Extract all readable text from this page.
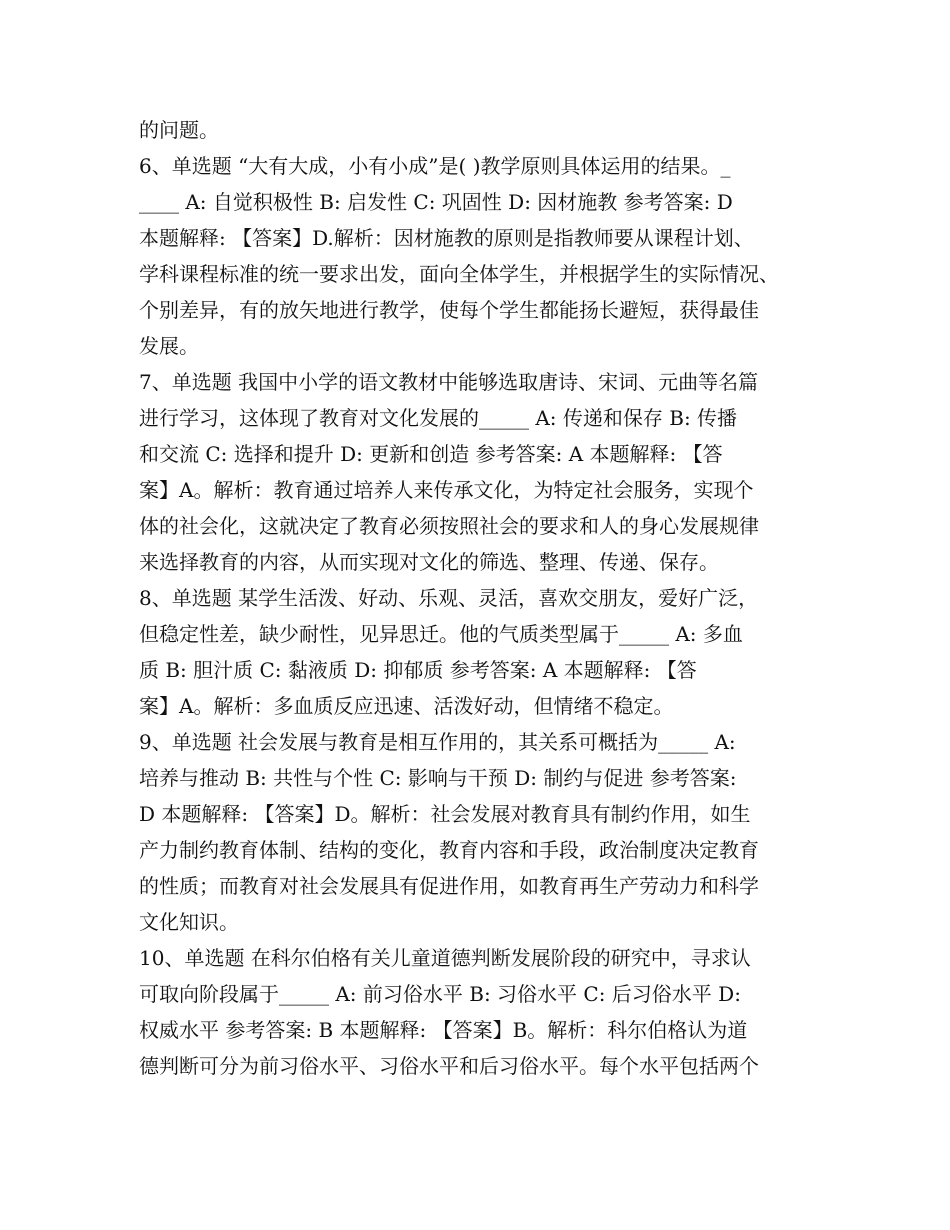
的问题。
6、单选题 “大有大成，小有小成”是( )教学原则具体运用的结果。_
____ A: 自觉积极性 B: 启发性 C: 巩固性 D: 因材施教 参考答案: D
本题解释: 【答案】D.解析：因材施教的原则是指教师要从课程计划、
学科课程标准的统一要求出发，面向全体学生，并根据学生的实际情况、
个别差异，有的放矢地进行教学，使每个学生都能扬长避短，获得最佳
发展。
7、单选题 我国中小学的语文教材中能够选取唐诗、宋词、元曲等名篇
进行学习，这体现了教育对文化发展的_____ A: 传递和保存 B: 传播
和交流 C: 选择和提升 D: 更新和创造 参考答案: A 本题解释: 【答
案】A。解析：教育通过培养人来传承文化，为特定社会服务，实现个
体的社会化，这就决定了教育必须按照社会的要求和人的身心发展规律
来选择教育的内容，从而实现对文化的筛选、整理、传递、保存。
8、单选题 某学生活泼、好动、乐观、灵活，喜欢交朋友，爱好广泛，
但稳定性差，缺少耐性，见异思迁。他的气质类型属于_____ A: 多血
质 B: 胆汁质 C: 黏液质 D: 抑郁质 参考答案: A 本题解释: 【答
案】A。解析：多血质反应迅速、活泼好动，但情绪不稳定。
9、单选题 社会发展与教育是相互作用的，其关系可概括为_____ A:
培养与推动 B: 共性与个性 C: 影响与干预 D: 制约与促进 参考答案:
D 本题解释: 【答案】D。解析：社会发展对教育具有制约作用，如生
产力制约教育体制、结构的变化，教育内容和手段，政治制度决定教育
的性质；而教育对社会发展具有促进作用，如教育再生产劳动力和科学
文化知识。
10、单选题 在科尔伯格有关儿童道德判断发展阶段的研究中，寻求认
可取向阶段属于_____ A: 前习俗水平 B: 习俗水平 C: 后习俗水平 D:
权威水平 参考答案: B 本题解释: 【答案】B。解析：科尔伯格认为道
德判断可分为前习俗水平、习俗水平和后习俗水平。每个水平包括两个
